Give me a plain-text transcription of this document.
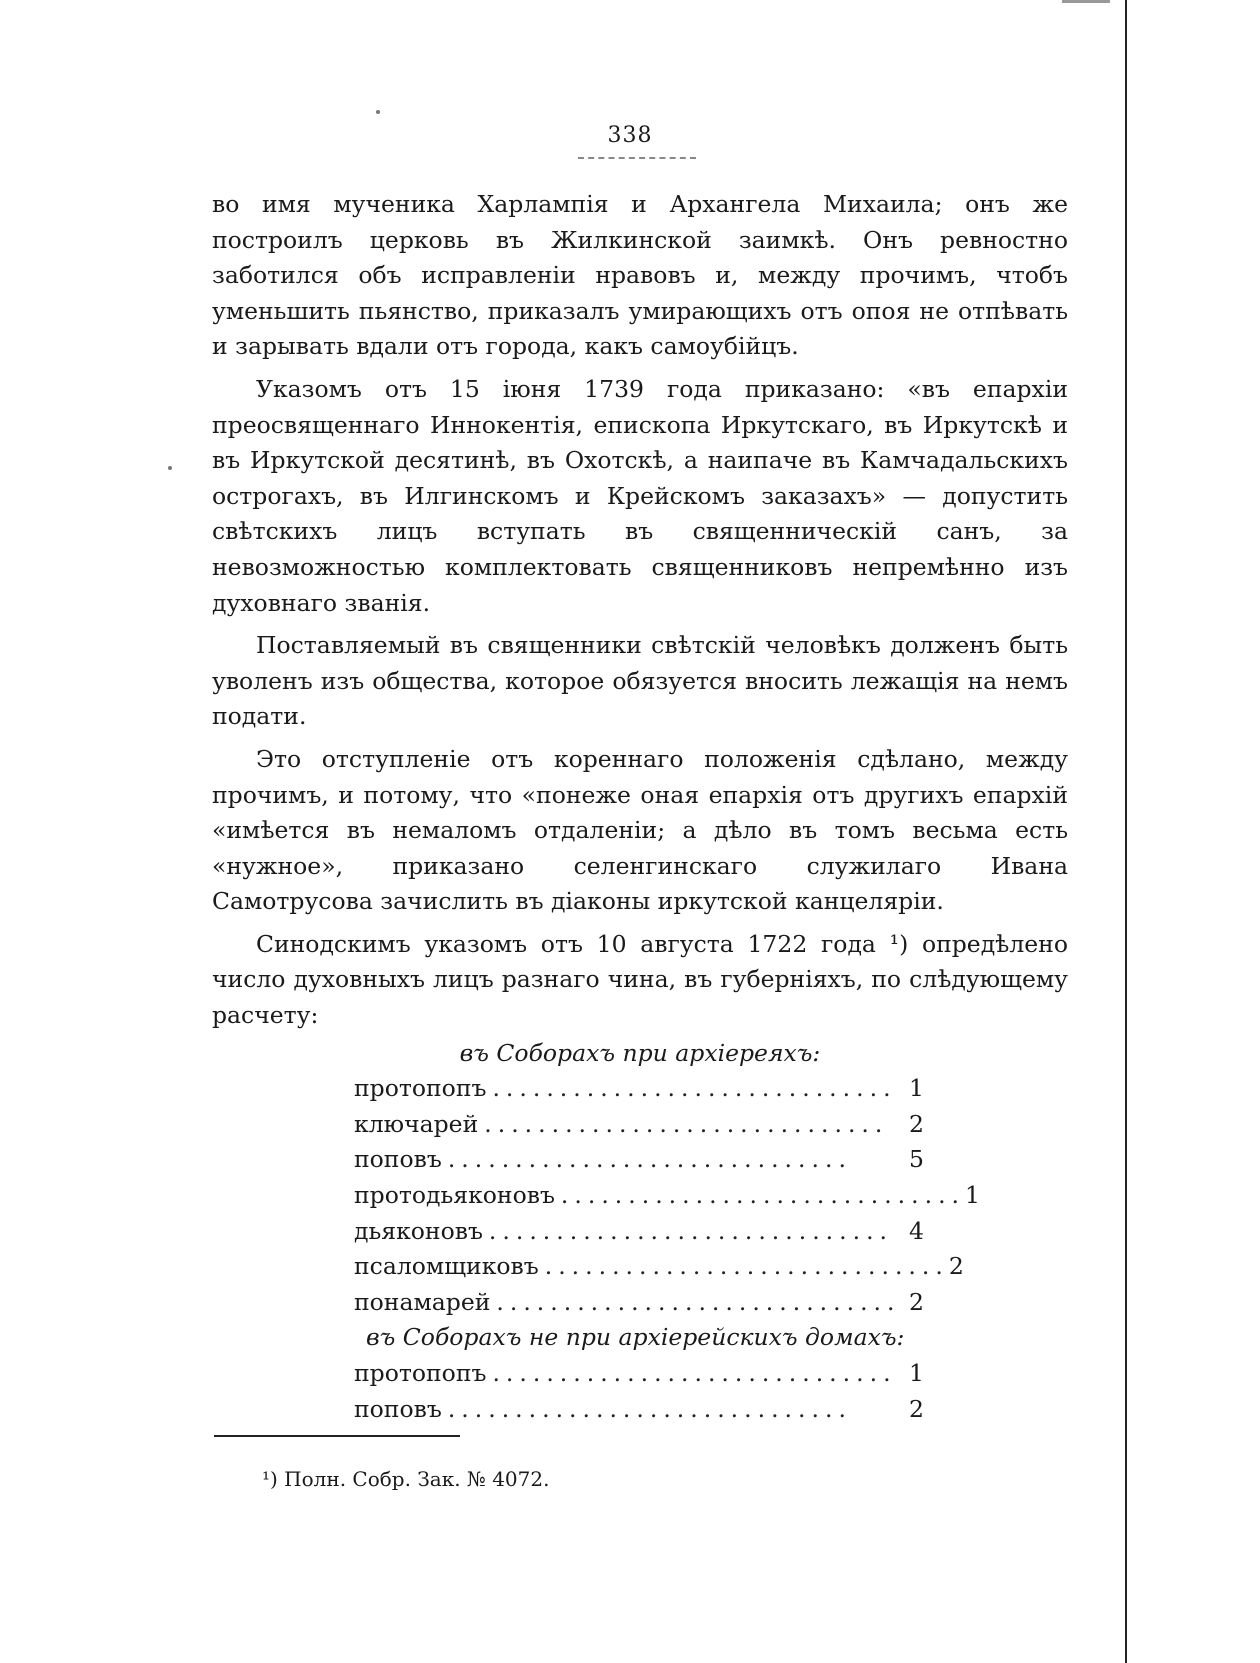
338

во имя мученика Харлампія и Архангела Михаила; онъ же построилъ церковь въ Жилкинской заимкѣ. Онъ ревностно заботился объ исправленіи нравовъ и, между прочимъ, чтобъ уменьшить пьянство, приказалъ умирающихъ отъ опоя не отпѣвать и зарывать вдали отъ города, какъ самоубійцъ.

Указомъ отъ 15 іюня 1739 года приказано: «въ епархіи преосвященнаго Иннокентія, епископа Иркутскаго, въ Иркутскѣ и въ Иркутской десятинѣ, въ Охотскѣ, а наипаче въ Камчадальскихъ острогахъ, въ Илгинскомъ и Крейскомъ заказахъ» — допустить свѣтскихъ лицъ вступать въ священническій санъ, за невозможностью комплектовать священниковъ непремѣнно изъ духовнаго званія.

Поставляемый въ священники свѣтскій человѣкъ долженъ быть уволенъ изъ общества, которое обязуется вносить лежащія на немъ подати.

Это отступленіе отъ кореннаго положенія сдѣлано, между прочимъ, и потому, что «понеже оная епархія отъ другихъ епархій «имѣется въ немаломъ отдаленіи; а дѣло въ томъ весьма есть «нужное», приказано селенгинскаго служилаго Ивана Самотрусова зачислить въ діаконы иркутской канцеляріи.

Синодскимъ указомъ отъ 10 августа 1722 года ¹) опредѣлено число духовныхъ лицъ разнаго чина, въ губерніяхъ, по слѣдующему расчету:

въ Соборахъ при архіереяхъ:
протопопъ .............................. 1
ключарей .............................. 2
поповъ ..............................	5
протодьяконовъ .............................. 1
дьяконовъ .............................. 4
псаломщиковъ .............................. 2
понамарей .............................. 2
въ Соборахъ не при архіерейскихъ домахъ:
протопопъ .............................. 1
поповъ ..............................	2
¹) Полн. Собр. Зак. № 4072.
